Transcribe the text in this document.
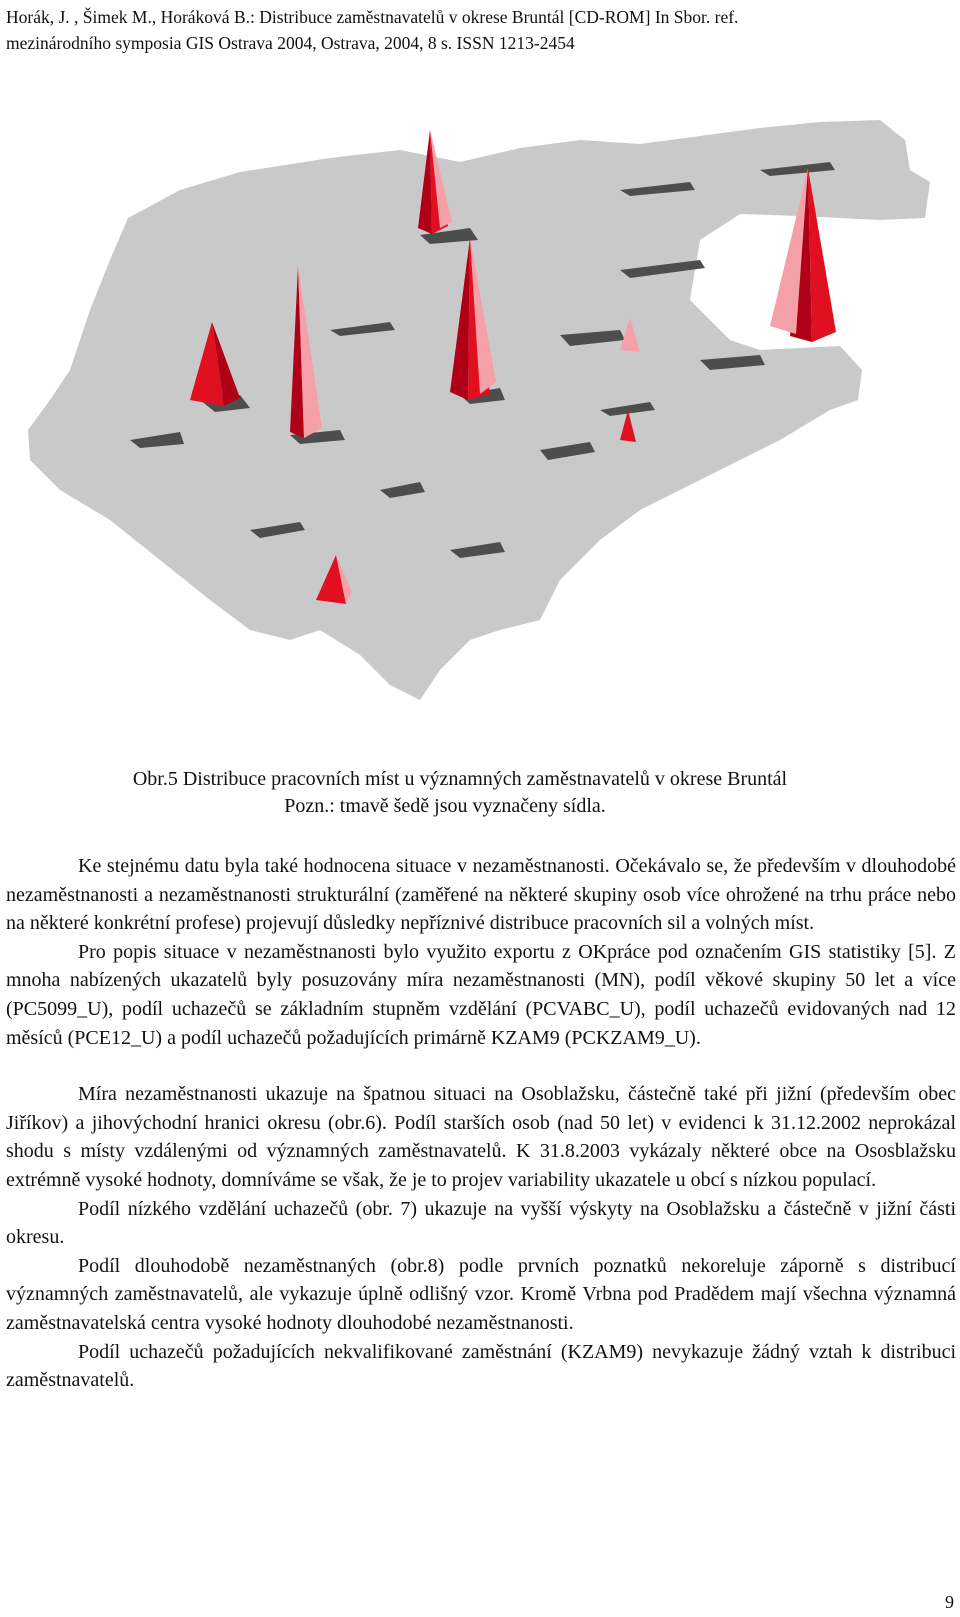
Horák, J. , Šimek M., Horáková B.: Distribuce zaměstnavatelů v okrese Bruntál [CD-ROM] In Sbor. ref.
mezinárodního symposia GIS Ostrava 2004, Ostrava, 2004, 8 s. ISSN 1213-2454
Obr.5 Distribuce pracovních míst u významných zaměstnavatelů v okrese Bruntál
Pozn.: tmavě šedě jsou vyznačeny sídla.

Ke stejnému datu byla také hodnocena situace v nezaměstnanosti. Očekávalo se, že především v dlouhodobé nezaměstnanosti a nezaměstnanosti strukturální (zaměřené na některé skupiny osob více ohrožené na trhu práce nebo na některé konkrétní profese) projevují důsledky nepříznivé distribuce pracovních sil a volných míst.

Pro popis situace v nezaměstnanosti bylo využito exportu z OKpráce pod označením GIS statistiky [5]. Z mnoha nabízených ukazatelů byly posuzovány míra nezaměstnanosti (MN), podíl věkové skupiny 50 let a více (PC5099_U), podíl uchazečů se základním stupněm vzdělání (PCVABC_U), podíl uchazečů evidovaných nad 12 měsíců (PCE12_U) a podíl uchazečů požadujících primárně KZAM9 (PCKZAM9_U).

Míra nezaměstnanosti ukazuje na špatnou situaci na Osoblažsku, částečně také při jižní (především obec Jiříkov) a jihovýchodní hranici okresu (obr.6). Podíl starších osob (nad 50 let) v evidenci k 31.12.2002 neprokázal shodu s místy vzdálenými od významných zaměstnavatelů. K 31.8.2003 vykázaly některé obce na Ososblažsku extrémně vysoké hodnoty, domníváme se však, že je to projev variability ukazatele u obcí s nízkou populací.

Podíl nízkého vzdělání uchazečů (obr. 7) ukazuje na vyšší výskyty na Osoblažsku a částečně v jižní části okresu.

Podíl dlouhodobě nezaměstnaných (obr.8) podle prvních poznatků nekoreluje záporně s distribucí významných zaměstnavatelů, ale vykazuje úplně odlišný vzor. Kromě Vrbna pod Pradědem mají všechna významná zaměstnavatelská centra vysoké hodnoty dlouhodobé nezaměstnanosti.

Podíl uchazečů požadujících nekvalifikované zaměstnání (KZAM9) nevykazuje žádný vztah k distribuci zaměstnavatelů.

9
